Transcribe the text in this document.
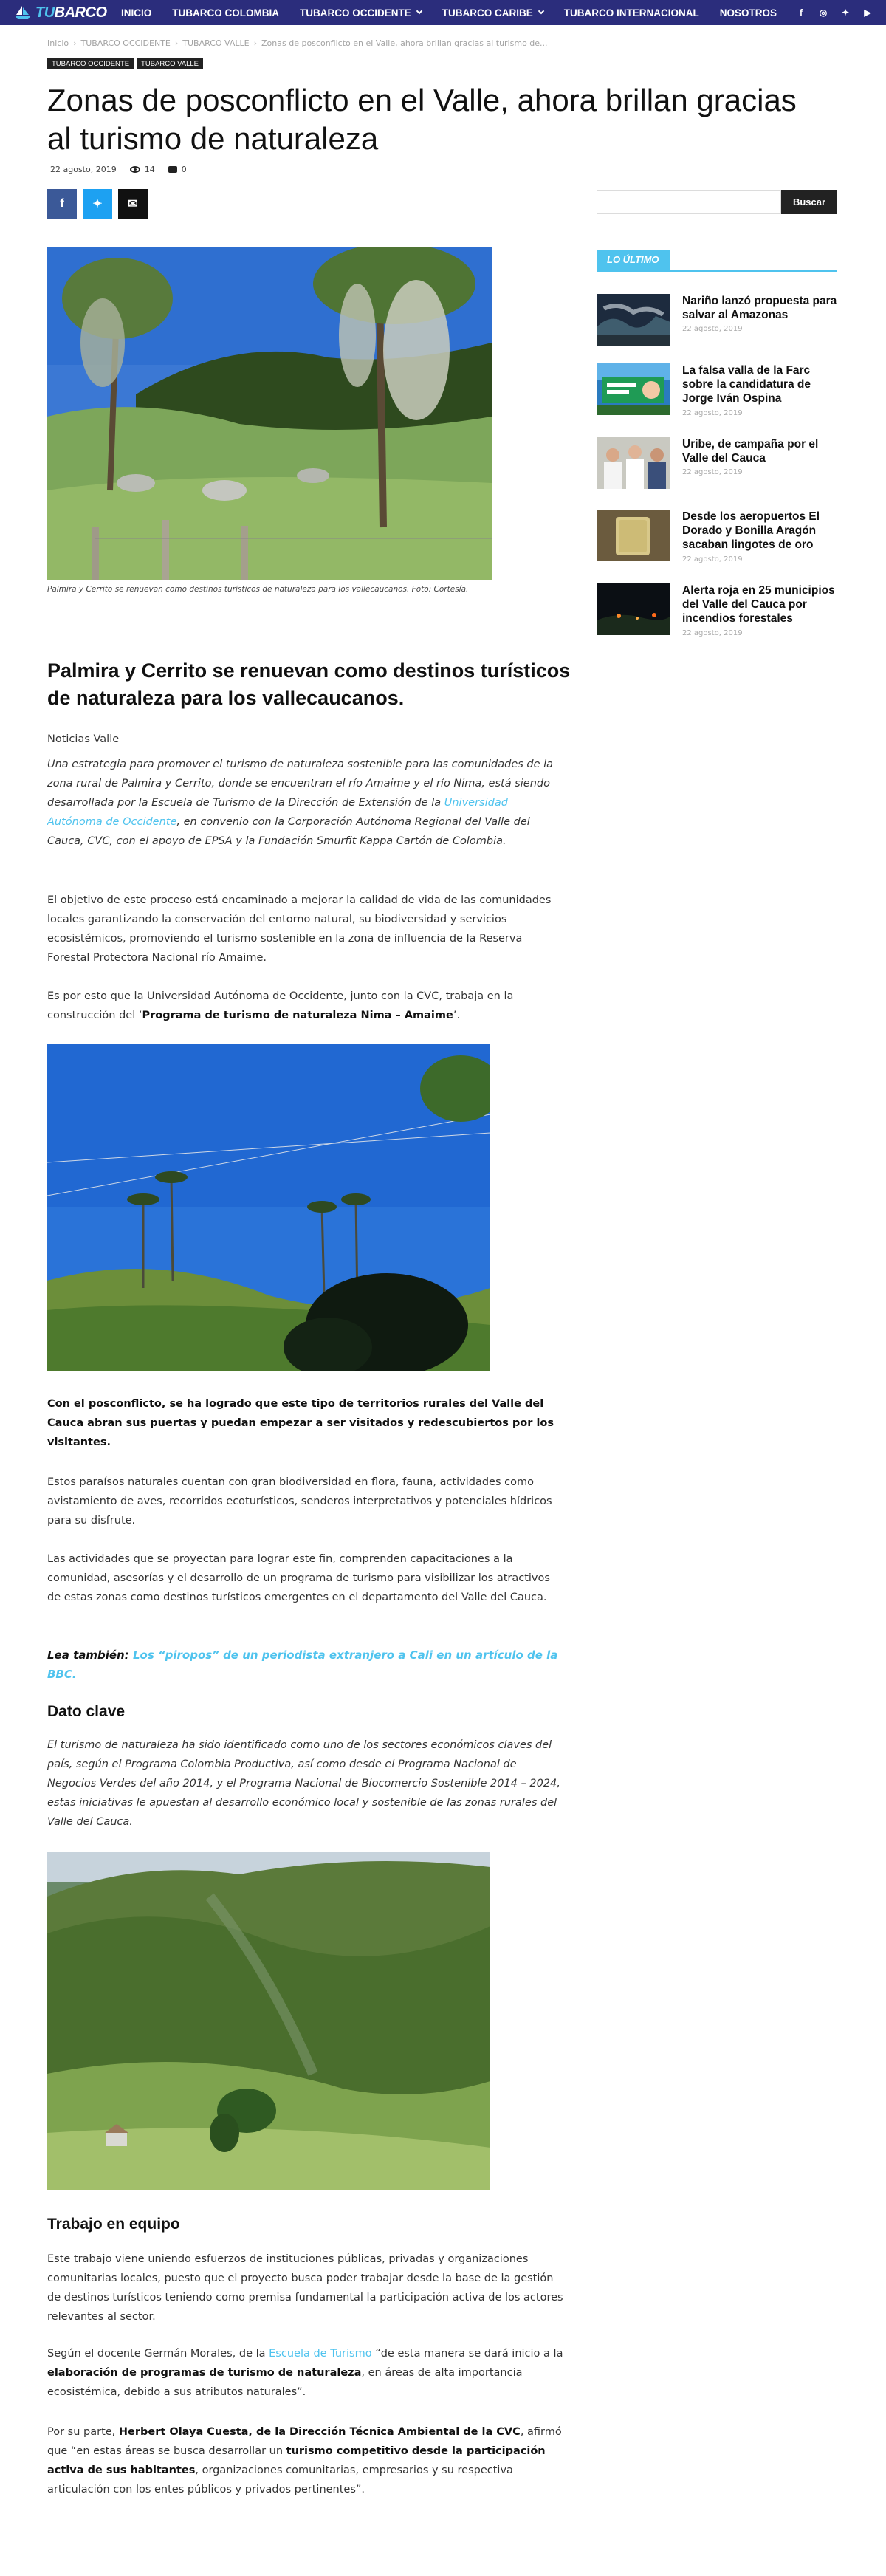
TU BARCO INICIO TUBARCO COLOMBIA TUBARCO OCCIDENTE	TUBARCO CARIBE	TUBARCO INTERNACIONAL NOSOTROS	f	◎ ✦ ▶
Inicio › TUBARCO OCCIDENTE › TUBARCO VALLE › Zonas de posconflicto en el Valle, ahora brillan gracias al turismo de...
TUBARCO OCCIDENTE	TUBARCO VALLE
Zonas de posconflicto en el Valle, ahora brillan gracias al turismo de naturaleza
22 agosto, 2019	14	0
f ✦ ✉	Buscar
LO ÚLTIMO
Nariño lanzó propuesta para salvar al Amazonas
22 agosto, 2019
La falsa valla de la Farc sobre la candidatura de Jorge Iván Ospina
22 agosto, 2019
Uribe, de campaña por el Valle del Cauca
22 agosto, 2019
Desde los aeropuertos El Dorado y Bonilla Aragón sacaban lingotes de oro
22 agosto, 2019
Alerta roja en 25 municipios del Valle del Cauca por incendios forestales
22 agosto, 2019
Palmira y Cerrito se renuevan como destinos turísticos de naturaleza para los vallecaucanos. Foto: Cortesía.
Palmira y Cerrito se renuevan como destinos turísticos de naturaleza para los vallecaucanos.
Noticias Valle
Una estrategia para promover el turismo de naturaleza sostenible para las comunidades de la zona rural de Palmira y Cerrito, donde se encuentran el río Amaime y el río Nima, está siendo desarrollada por la Escuela de Turismo de la Dirección de Extensión de la Universidad Autónoma de Occidente, en convenio con la Corporación Autónoma Regional del Valle del Cauca, CVC, con el apoyo de EPSA y la Fundación Smurfit Kappa Cartón de Colombia.
El objetivo de este proceso está encaminado a mejorar la calidad de vida de las comunidades locales garantizando la conservación del entorno natural, su biodiversidad y servicios ecosistémicos, promoviendo el turismo sostenible en la zona de influencia de la Reserva Forestal Protectora Nacional río Amaime.
Es por esto que la Universidad Autónoma de Occidente, junto con la CVC, trabaja en la construcción del ‘Programa de turismo de naturaleza Nima – Amaime’.
Con el posconflicto, se ha logrado que este tipo de territorios rurales del Valle del Cauca abran sus puertas y puedan empezar a ser visitados y redescubiertos por los visitantes.
Estos paraísos naturales cuentan con gran biodiversidad en flora, fauna, actividades como avistamiento de aves, recorridos ecoturísticos, senderos interpretativos y potenciales hídricos para su disfrute.
Las actividades que se proyectan para lograr este fin, comprenden capacitaciones a la comunidad, asesorías y el desarrollo de un programa de turismo para visibilizar los atractivos de estas zonas como destinos turísticos emergentes en el departamento del Valle del Cauca.
Lea también: Los “piropos” de un periodista extranjero a Cali en un artículo de la BBC.
Dato clave
El turismo de naturaleza ha sido identificado como uno de los sectores económicos claves del país, según el Programa Colombia Productiva, así como desde el Programa Nacional de Negocios Verdes del año 2014, y el Programa Nacional de Biocomercio Sostenible 2014 – 2024, estas iniciativas le apuestan al desarrollo económico local y sostenible de las zonas rurales del Valle del Cauca.
Trabajo en equipo
Este trabajo viene uniendo esfuerzos de instituciones públicas, privadas y organizaciones comunitarias locales, puesto que el proyecto busca poder trabajar desde la base de la gestión de destinos turísticos teniendo como premisa fundamental la participación activa de los actores relevantes al sector.
Según el docente Germán Morales, de la Escuela de Turismo “de esta manera se dará inicio a la elaboración de programas de turismo de naturaleza, en áreas de alta importancia ecosistémica, debido a sus atributos naturales”.
Por su parte, Herbert Olaya Cuesta, de la Dirección Técnica Ambiental de la CVC, afirmó que “en estas áreas se busca desarrollar un turismo competitivo desde la participación activa de sus habitantes, organizaciones comunitarias, empresarios y su respectiva articulación con los entes públicos y privados pertinentes”.
